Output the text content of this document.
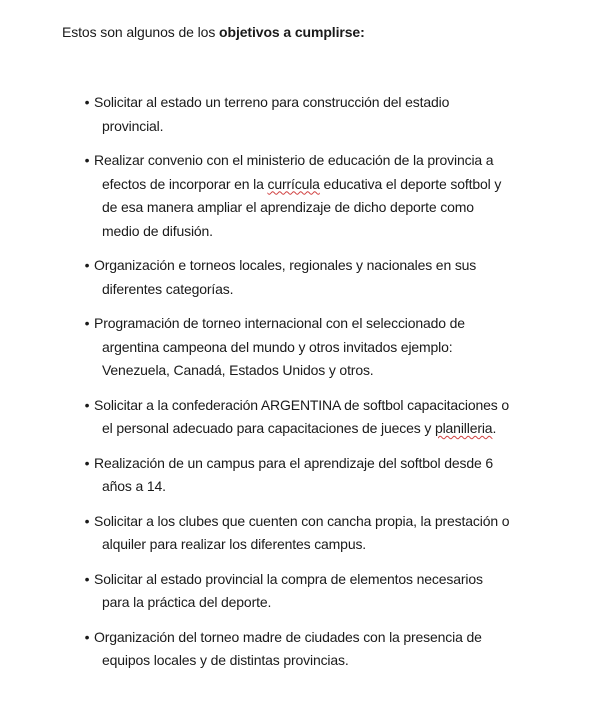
Estos son algunos de los objetivos a cumplirse:
• Solicitar al estado un terreno para construcción del estadio
provincial.
• Realizar convenio con el ministerio de educación de la provincia a
efectos de incorporar en la currícula educativa el deporte softbol y
de esa manera ampliar el aprendizaje de dicho deporte como
medio de difusión.
• Organización e torneos locales, regionales y nacionales en sus
diferentes categorías.
• Programación de torneo internacional con el seleccionado de
argentina campeona del mundo y otros invitados ejemplo:
Venezuela, Canadá, Estados Unidos y otros.
• Solicitar a la confederación ARGENTINA de softbol capacitaciones o
el personal adecuado para capacitaciones de jueces y planilleria.
• Realización de un campus para el aprendizaje del softbol desde 6
años a 14.
• Solicitar a los clubes que cuenten con cancha propia, la prestación o
alquiler para realizar los diferentes campus.
• Solicitar al estado provincial la compra de elementos necesarios
para la práctica del deporte.
• Organización del torneo madre de ciudades con la presencia de
equipos locales y de distintas provincias.
